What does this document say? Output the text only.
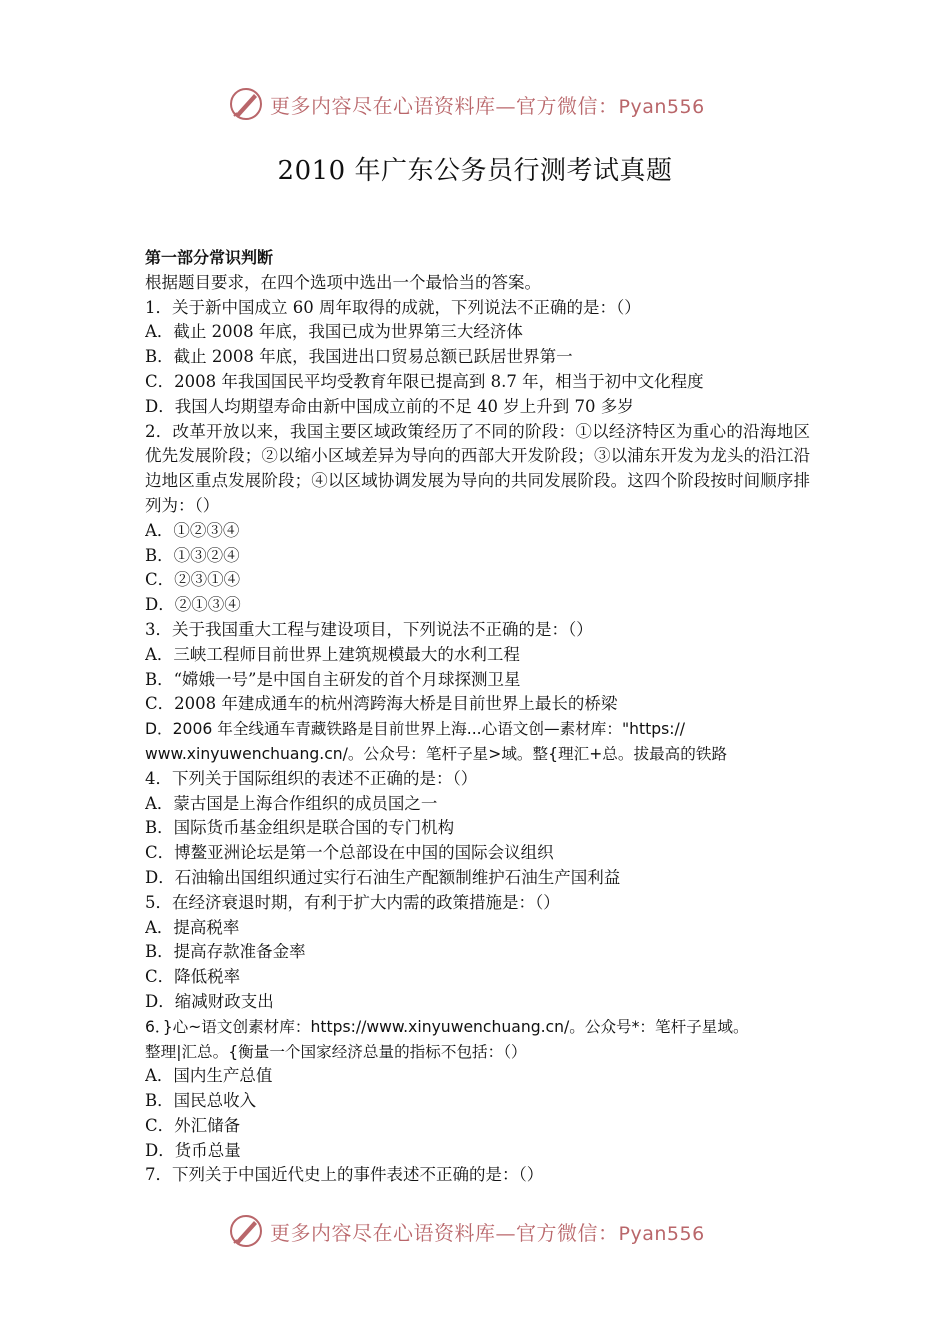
更多内容尽在心语资料库—官方微信：Pyan556
2010 年广东公务员行测考试真题
第一部分常识判断
根据题目要求，在四个选项中选出一个最恰当的答案。
1．关于新中国成立 60 周年取得的成就，下列说法不正确的是：（）
A．截止 2008 年底，我国已成为世界第三大经济体
B．截止 2008 年底，我国进出口贸易总额已跃居世界第一
C．2008 年我国国民平均受教育年限已提高到 8.7 年，相当于初中文化程度
D．我国人均期望寿命由新中国成立前的不足 40 岁上升到 70 多岁
2．改革开放以来，我国主要区域政策经历了不同的阶段：①以经济特区为重心的沿海地区优先发展阶段；②以缩小区域差异为导向的西部大开发阶段；③以浦东开发为龙头的沿江沿边地区重点发展阶段；④以区域协调发展为导向的共同发展阶段。这四个阶段按时间顺序排列为：（）
A．①②③④
B．①③②④
C．②③①④
D．②①③④
3．关于我国重大工程与建设项目，下列说法不正确的是：（）
A．三峡工程师目前世界上建筑规模最大的水利工程
B．“嫦娥一号”是中国自主研发的首个月球探测卫星
C．2008 年建成通车的杭州湾跨海大桥是目前世界上最长的桥梁
D．2006 年全线通车青藏铁路是目前世界上海...心语文创—素材库："https://
www.xinyuwenchuang.cn/。公众号：笔杆子星>域。整{理汇+总。拔最高的铁路
4．下列关于国际组织的表述不正确的是：（）
A．蒙古国是上海合作组织的成员国之一
B．国际货币基金组织是联合国的专门机构
C．博鳌亚洲论坛是第一个总部设在中国的国际会议组织
D．石油输出国组织通过实行石油生产配额制维护石油生产国利益
5．在经济衰退时期，有利于扩大内需的政策措施是：（）
A．提高税率
B．提高存款准备金率
C．降低税率
D．缩减财政支出
6．}心~语文创素材库：https://www.xinyuwenchuang.cn/。公众号*：笔杆子星域。
整理|汇总。{衡量一个国家经济总量的指标不包括：（）
A．国内生产总值
B．国民总收入
C．外汇储备
D．货币总量
7．下列关于中国近代史上的事件表述不正确的是：（）
更多内容尽在心语资料库—官方微信：Pyan556
